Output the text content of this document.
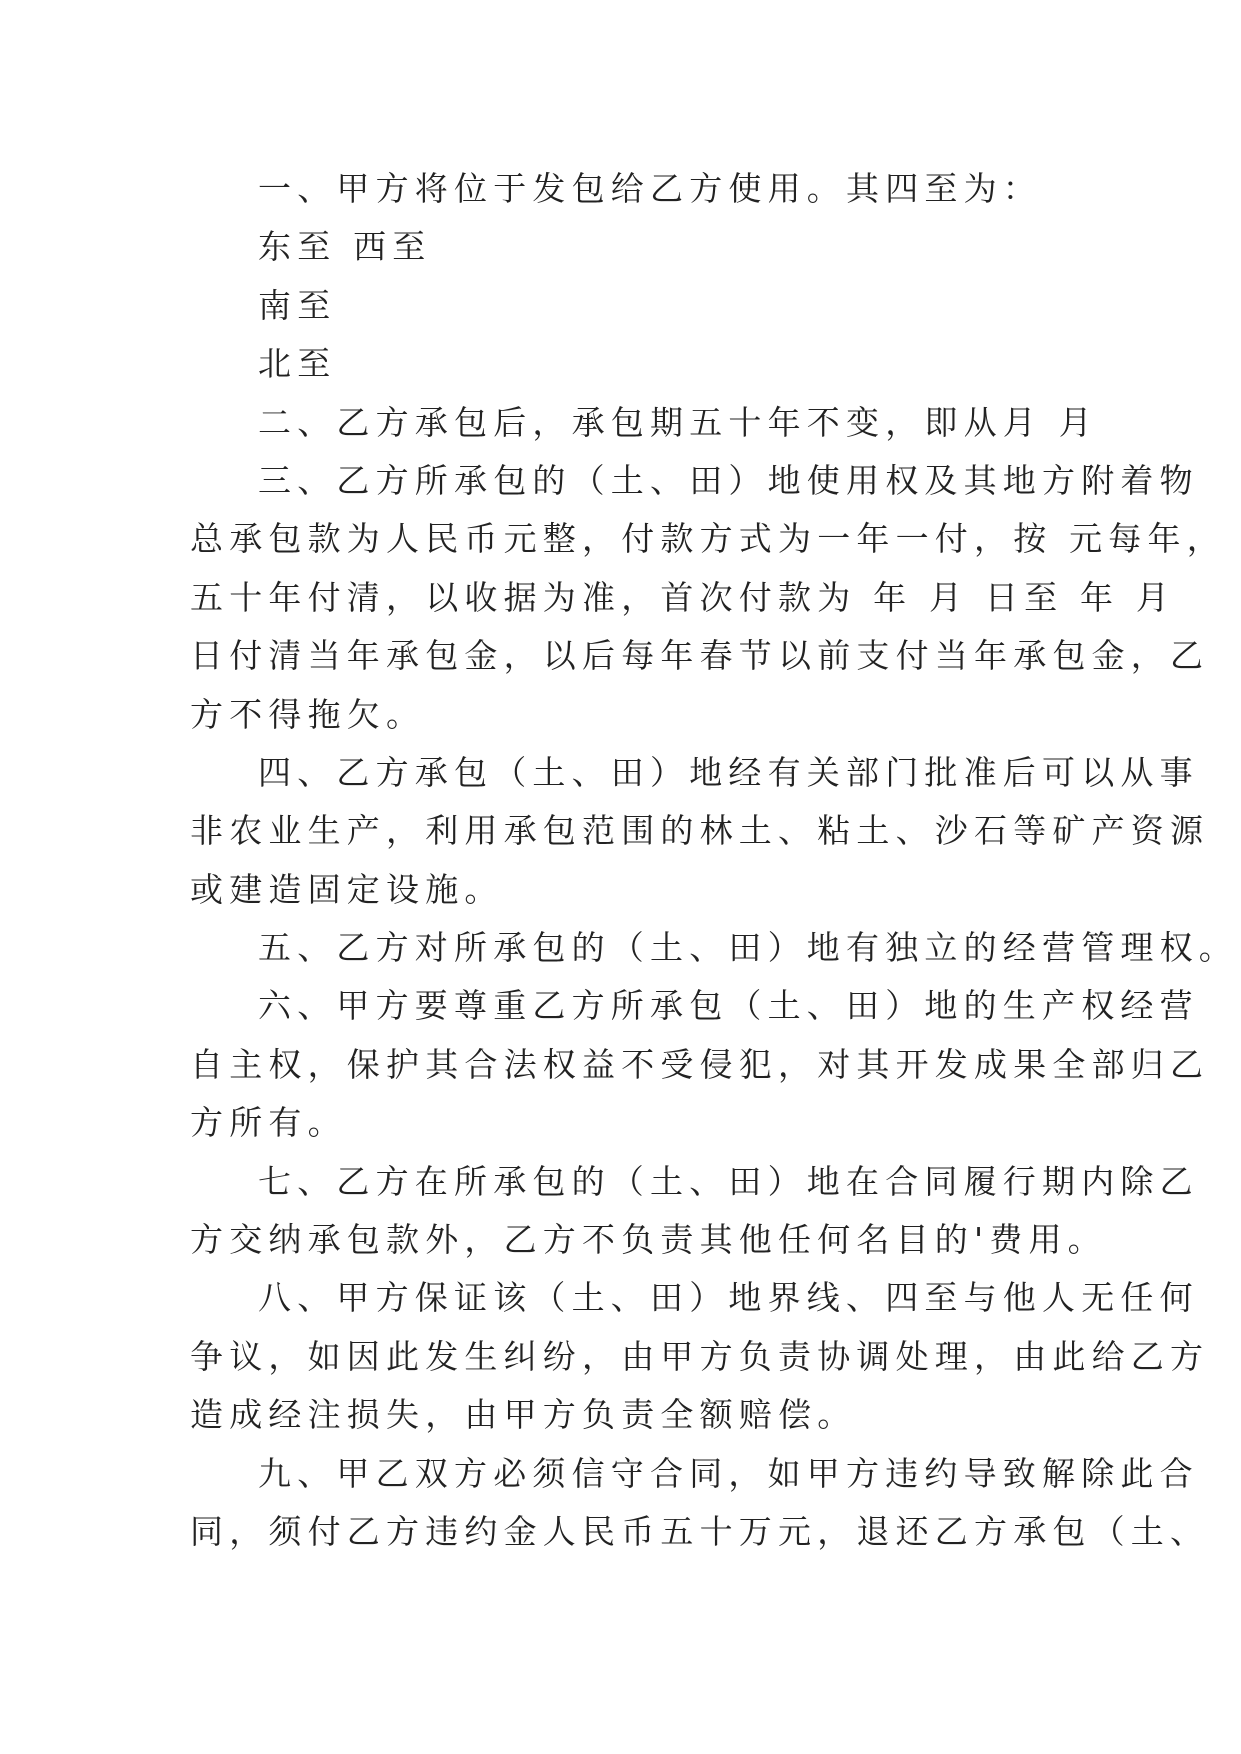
一、甲方将位于发包给乙方使用。其四至为：
东至 西至
南至
北至
二、乙方承包后，承包期五十年不变，即从月 月
三、乙方所承包的（土、田）地使用权及其地方附着物
总承包款为人民币元整，付款方式为一年一付，按 元每年，
五十年付清，以收据为准，首次付款为 年 月 日至 年 月
日付清当年承包金，以后每年春节以前支付当年承包金，乙
方不得拖欠。
四、乙方承包（土、田）地经有关部门批准后可以从事
非农业生产，利用承包范围的林土、粘土、沙石等矿产资源
或建造固定设施。
五、乙方对所承包的（土、田）地有独立的经营管理权。
六、甲方要尊重乙方所承包（土、田）地的生产权经营
自主权，保护其合法权益不受侵犯，对其开发成果全部归乙
方所有。
七、乙方在所承包的（土、田）地在合同履行期内除乙
方交纳承包款外，乙方不负责其他任何名目的'费用。
八、甲方保证该（土、田）地界线、四至与他人无任何
争议，如因此发生纠纷，由甲方负责协调处理，由此给乙方
造成经注损失，由甲方负责全额赔偿。
九、甲乙双方必须信守合同，如甲方违约导致解除此合
同，须付乙方违约金人民币五十万元，退还乙方承包（土、
